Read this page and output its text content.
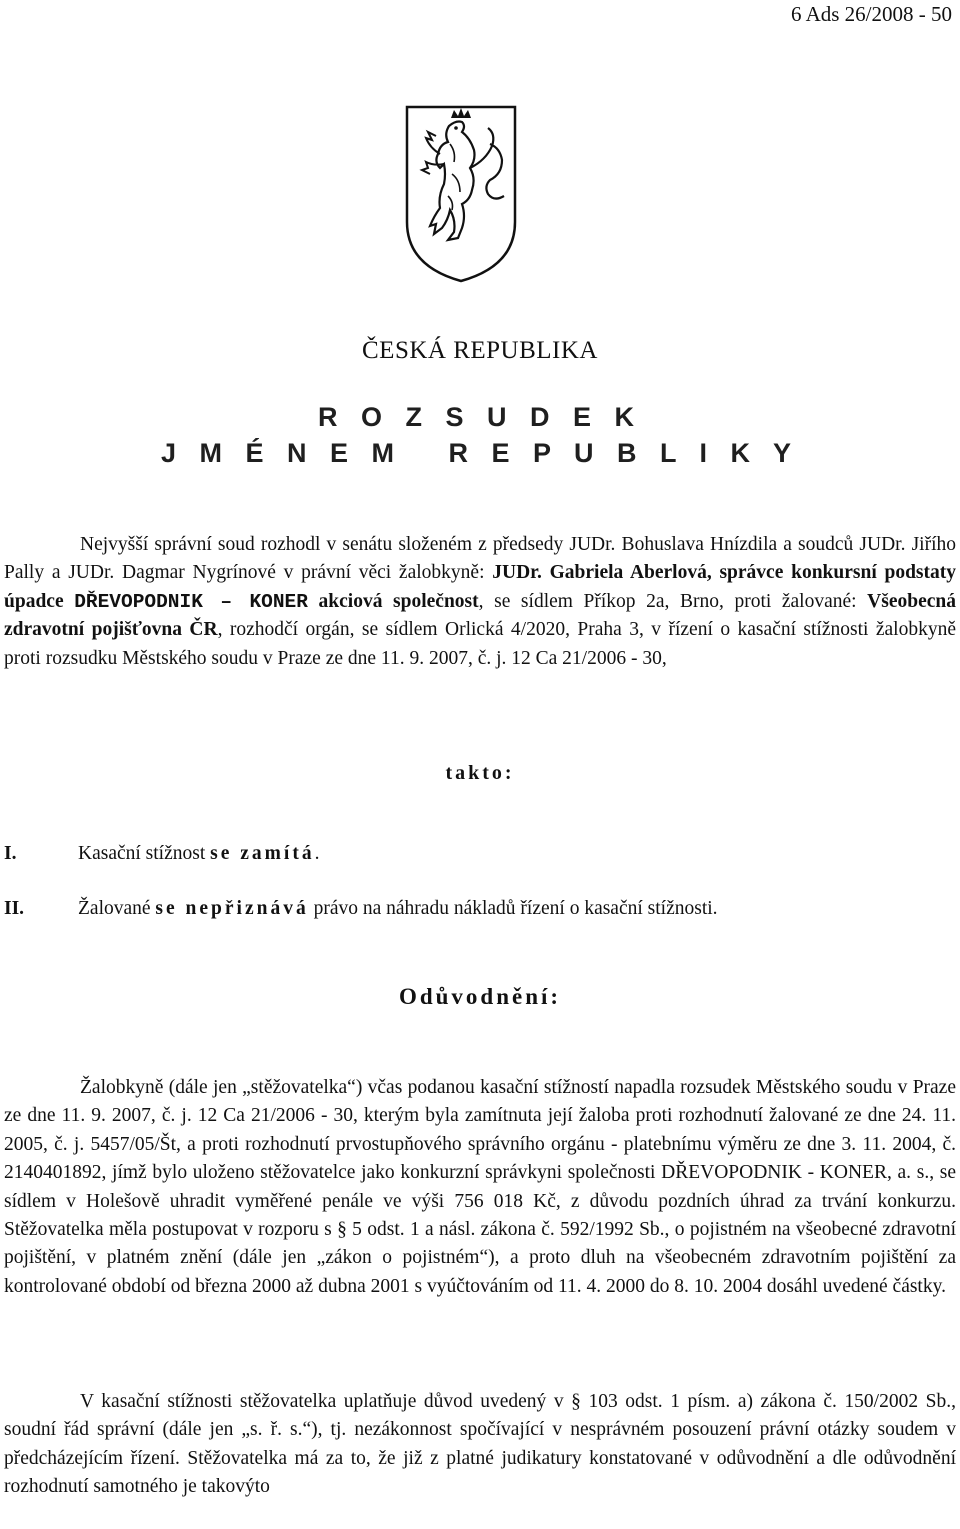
6 Ads 26/2008 - 50
ČESKÁ REPUBLIKA
R O Z S U D E K
J M É N E M   R E P U B L I K Y

Nejvyšší správní soud rozhodl v senátu složeném z předsedy JUDr. Bohuslava Hnízdila a soudců JUDr. Jiřího Pally a JUDr. Dagmar Nygrínové v právní věci žalobkyně: JUDr. Gabriela Aberlová, správce konkursní podstaty úpadce DŘEVOPODNIK – KONER akciová společnost, se sídlem Příkop 2a, Brno, proti žalované: Všeobecná zdravotní pojišťovna ČR, rozhodčí orgán, se sídlem Orlická 4/2020, Praha 3, v řízení o kasační stížnosti žalobkyně proti rozsudku Městského soudu v Praze ze dne 11. 9. 2007, č. j. 12 Ca 21/2006 - 30,

takto:
I.	Kasační stížnost se zamítá.
II.	Žalované se nepřiznává právo na náhradu nákladů řízení o kasační stížnosti.
Odůvodnění:

Žalobkyně (dále jen „stěžovatelka“) včas podanou kasační stížností napadla rozsudek Městského soudu v Praze ze dne 11. 9. 2007, č. j. 12 Ca 21/2006 - 30, kterým byla zamítnuta její žaloba proti rozhodnutí žalované ze dne 24. 11. 2005, č. j. 5457/05/Št, a proti rozhodnutí prvostupňového správního orgánu - platebnímu výměru ze dne 3. 11. 2004, č. 2140401892, jímž bylo uloženo stěžovatelce jako konkurzní správkyni společnosti DŘEVOPODNIK - KONER, a. s., se sídlem v Holešově uhradit vyměřené penále ve výši 756 018 Kč, z důvodu pozdních úhrad za trvání konkurzu. Stěžovatelka měla postupovat v rozporu s § 5 odst. 1 a násl. zákona č. 592/1992 Sb., o pojistném na všeobecné zdravotní pojištění, v platném znění (dále jen „zákon o pojistném“), a proto dluh na všeobecném zdravotním pojištění za kontrolované období od března 2000 až dubna 2001 s vyúčtováním od 11. 4. 2000 do 8. 10. 2004 dosáhl uvedené částky.

V kasační stížnosti stěžovatelka uplatňuje důvod uvedený v § 103 odst. 1 písm. a) zákona č. 150/2002 Sb., soudní řád správní (dále jen „s. ř. s.“), tj. nezákonnost spočívající v nesprávném posouzení právní otázky soudem v předcházejícím řízení. Stěžovatelka má za to, že již z platné judikatury konstatované v odůvodnění a dle odůvodnění rozhodnutí samotného je takovýto
